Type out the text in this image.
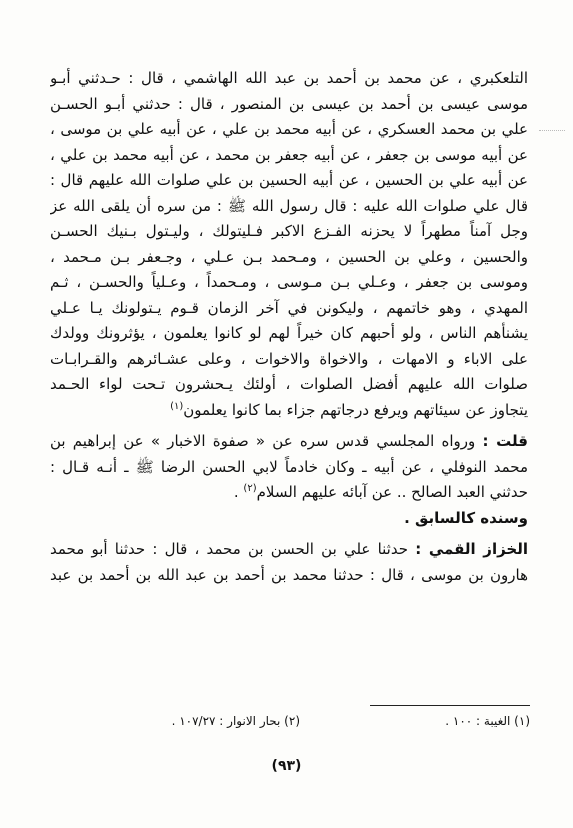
التلعكبري ، عن محمد بن أحمد بن عبد الله الهاشمي ، قال : حـدثني أبـو
موسى عيسى بن أحمد بن عيسى بن المنصور ، قال : حدثني أبـو الحسـن
علي بن محمد العسكري ، عن أبيه محمد بن علي ، عن أبيه علي بن موسى ،
عن أبيه موسى بن جعفر ، عن أبيه جعفر بن محمد ، عن أبيه محمد بن علي ،
عن أبيه علي بن الحسين ، عن أبيه الحسين بن علي صلوات الله عليهم قال :
قال علي صلوات الله عليه : قال رسول الله ﷺ : من سره أن يلقى الله عز
وجل آمناً مطهراً لا يحزنه الفـزع الاكبر فـليتولك ، وليـتول بـنيك الحسـن
والحسين ، وعلي بن الحسين ، ومـحمد بـن عـلي ، وجـعفر بـن مـحمد ،
وموسى بن جعفر ، وعـلي بـن مـوسى ، ومـحمداً ، وعـلياً والحسـن ، ثـم
المهدي ، وهو خاتمهم ، وليكونن في آخر الزمان قـوم يـتولونك يـا عـلي
يشنأهم الناس ، ولو أحبهم كان خيراً لهم لو كانوا يعلمون ، يؤثرونك وولدك
على الاباء و الامهات ، والاخواة والاخوات ، وعلى عشـائرهم والقـرابـات
صلوات الله عليهم أفضل الصلوات ، أولئك يـحشرون تـحت لواء الحـمد
يتجاوز عن سيئاتهم ويرفع درجاتهم جزاء بما كانوا يعلمون$^{(١)}$
قلت : ورواه المجلسي قدس سره عن « صفوة الاخبار » عن إبراهيم بن
محمد النوفلي ، عن أبيه ـ وكان خادماً لابي الحسن الرضا ﷺ ـ أنـه قـال :
حدثني العبد الصالح .. عن آبائه عليهم السلام$^{(٢)}$ .
وسنده كالسابق .
الخزاز القمي : حدثنا علي بن الحسن بن محمد ، قال : حدثنا أبو محمد
هارون بن موسى ، قال : حدثنا محمد بن أحمد بن عبد الله بن أحمد بن عبد
(١) الغيبة : ١٠٠ .
(٢) بحار الانوار : ١٠٧/٢٧ .
(٩٣)
